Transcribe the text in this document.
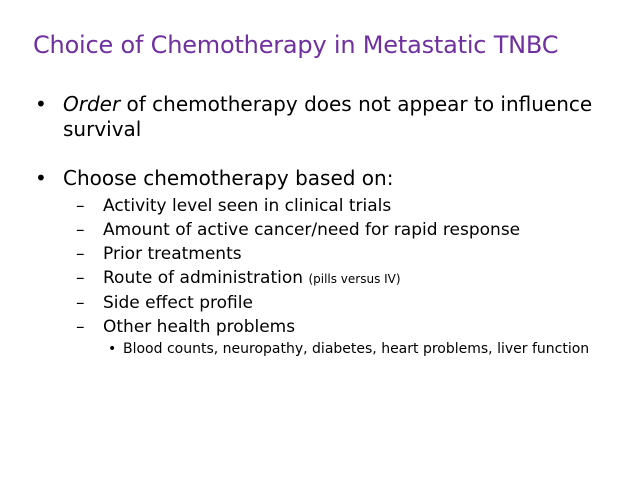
Choice of Chemotherapy in Metastatic TNBC
• Order of chemotherapy does not appear to influence survival
• Choose chemotherapy based on:
– Activity level seen in clinical trials
– Amount of active cancer/need for rapid response
– Prior treatments
– Route of administration (pills versus IV)
– Side effect profile
– Other health problems
• Blood counts, neuropathy, diabetes, heart problems, liver function
